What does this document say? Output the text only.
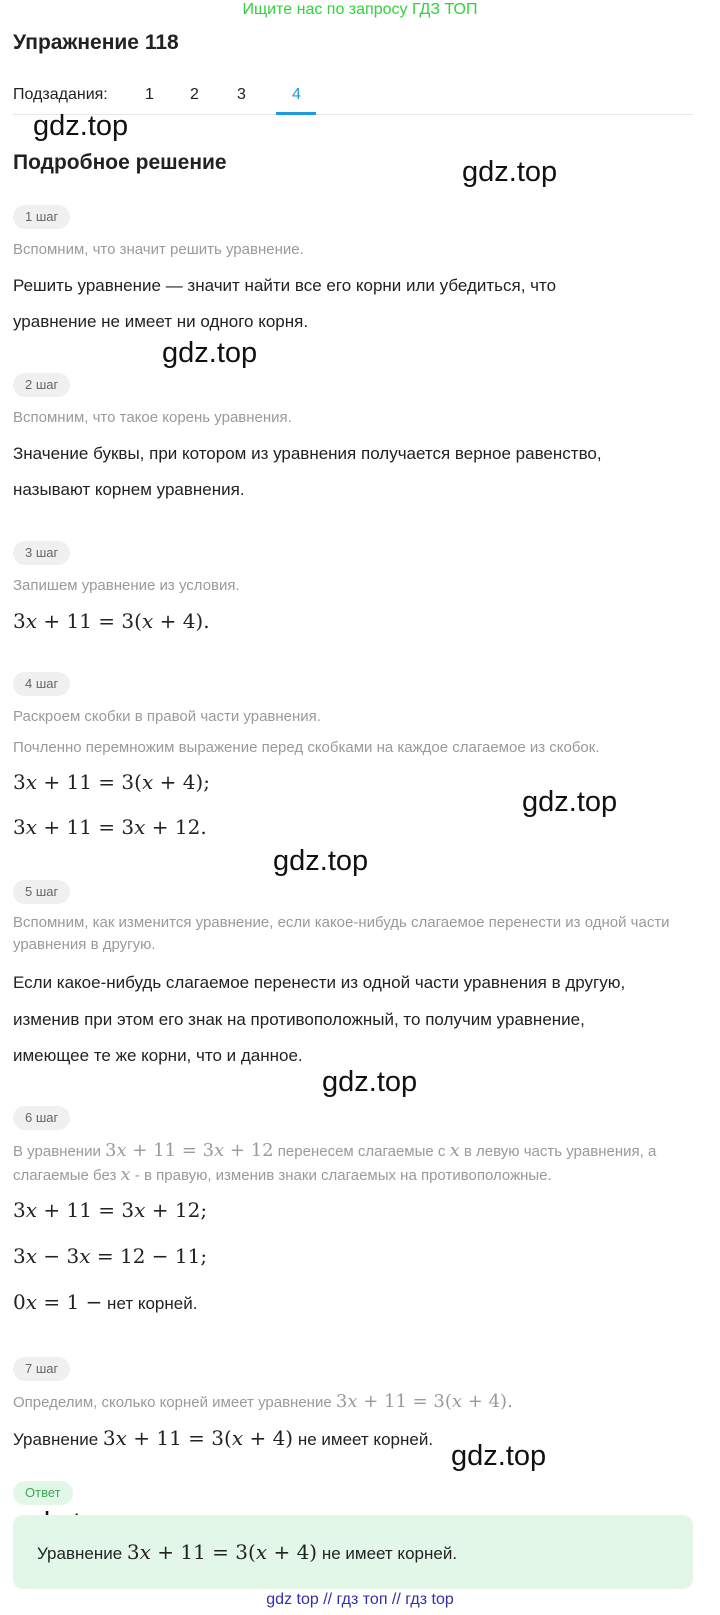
Ищите нас по запросу ГДЗ ТОП
Упражнение 118
Подзадания: 1 2 3	4
Подробное решение
gdz.top
gdz.top
gdz.top
gdz.top
gdz.top
gdz.top
gdz.top
1 шаг
Вспомним, что значит решить уравнение.
Решить уравнение — значит найти все его корни или убедиться, что
уравнение не имеет ни одного корня.
2 шаг
Вспомним, что такое корень уравнения.
Значение буквы, при котором из уравнения получается верное равенство,
называют корнем уравнения.
3 шаг
Запишем уравнение из условия.
3x + 11 = 3(x + 4).
4 шаг
Раскроем скобки в правой части уравнения.
Почленно перемножим выражение перед скобками на каждое слагаемое из скобок.
3x + 11 = 3(x + 4);
3x + 11 = 3x + 12.
5 шаг
Вспомним, как изменится уравнение, если какое-нибудь слагаемое перенести из одной части уравнения в другую.
Если какое-нибудь слагаемое перенести из одной части уравнения в другую,
изменив при этом его знак на противоположный, то получим уравнение,
имеющее те же корни, что и данное.
6 шаг
В уравнении 3x + 11 = 3x + 12 перенесем слагаемые с x в левую часть уравнения, а
слагаемые без x - в правую, изменив знаки слагаемых на противоположные.
3x + 11 = 3x + 12;
3x − 3x = 12 − 11;
0x = 1 − нет корней.
7 шаг
Определим, сколько корней имеет уравнение 3x + 11 = 3(x + 4).
Уравнение 3x + 11 = 3(x + 4) не имеет корней.
Ответ
Уравнение 3x + 11 = 3(x + 4) не имеет корней.
gdz top // гдз топ // гдз top
